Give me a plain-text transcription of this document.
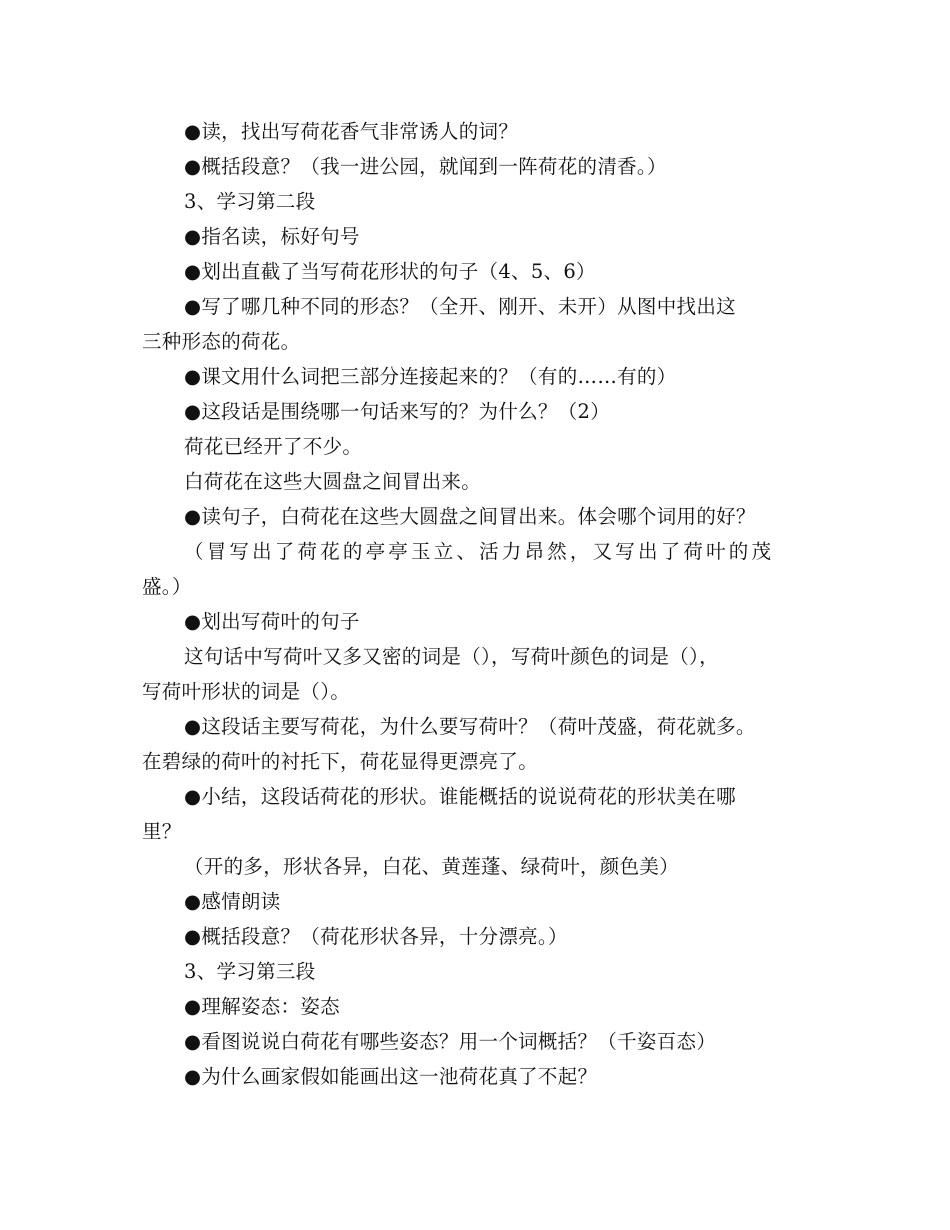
●读，找出写荷花香气非常诱人的词？
●概括段意？（我一进公园，就闻到一阵荷花的清香。）
3、学习第二段
●指名读，标好句号
●划出直截了当写荷花形状的句子（4、5、6）
●写了哪几种不同的形态？（全开、刚开、未开）从图中找出这
三种形态的荷花。
●课文用什么词把三部分连接起来的？（有的……有的）
●这段话是围绕哪一句话来写的？为什么？（2）
荷花已经开了不少。
白荷花在这些大圆盘之间冒出来。
●读句子，白荷花在这些大圆盘之间冒出来。体会哪个词用的好？
（冒写出了荷花的亭亭玉立、活力昂然，又写出了荷叶的茂
盛。）
●划出写荷叶的句子
这句话中写荷叶又多又密的词是（），写荷叶颜色的词是（），
写荷叶形状的词是（）。
●这段话主要写荷花，为什么要写荷叶？（荷叶茂盛，荷花就多。
在碧绿的荷叶的衬托下，荷花显得更漂亮了。
●小结，这段话荷花的形状。谁能概括的说说荷花的形状美在哪
里？
（开的多，形状各异，白花、黄莲蓬、绿荷叶，颜色美）
●感情朗读
●概括段意？（荷花形状各异，十分漂亮。）
3、学习第三段
●理解姿态：姿态
●看图说说白荷花有哪些姿态？用一个词概括？（千姿百态）
●为什么画家假如能画出这一池荷花真了不起？
